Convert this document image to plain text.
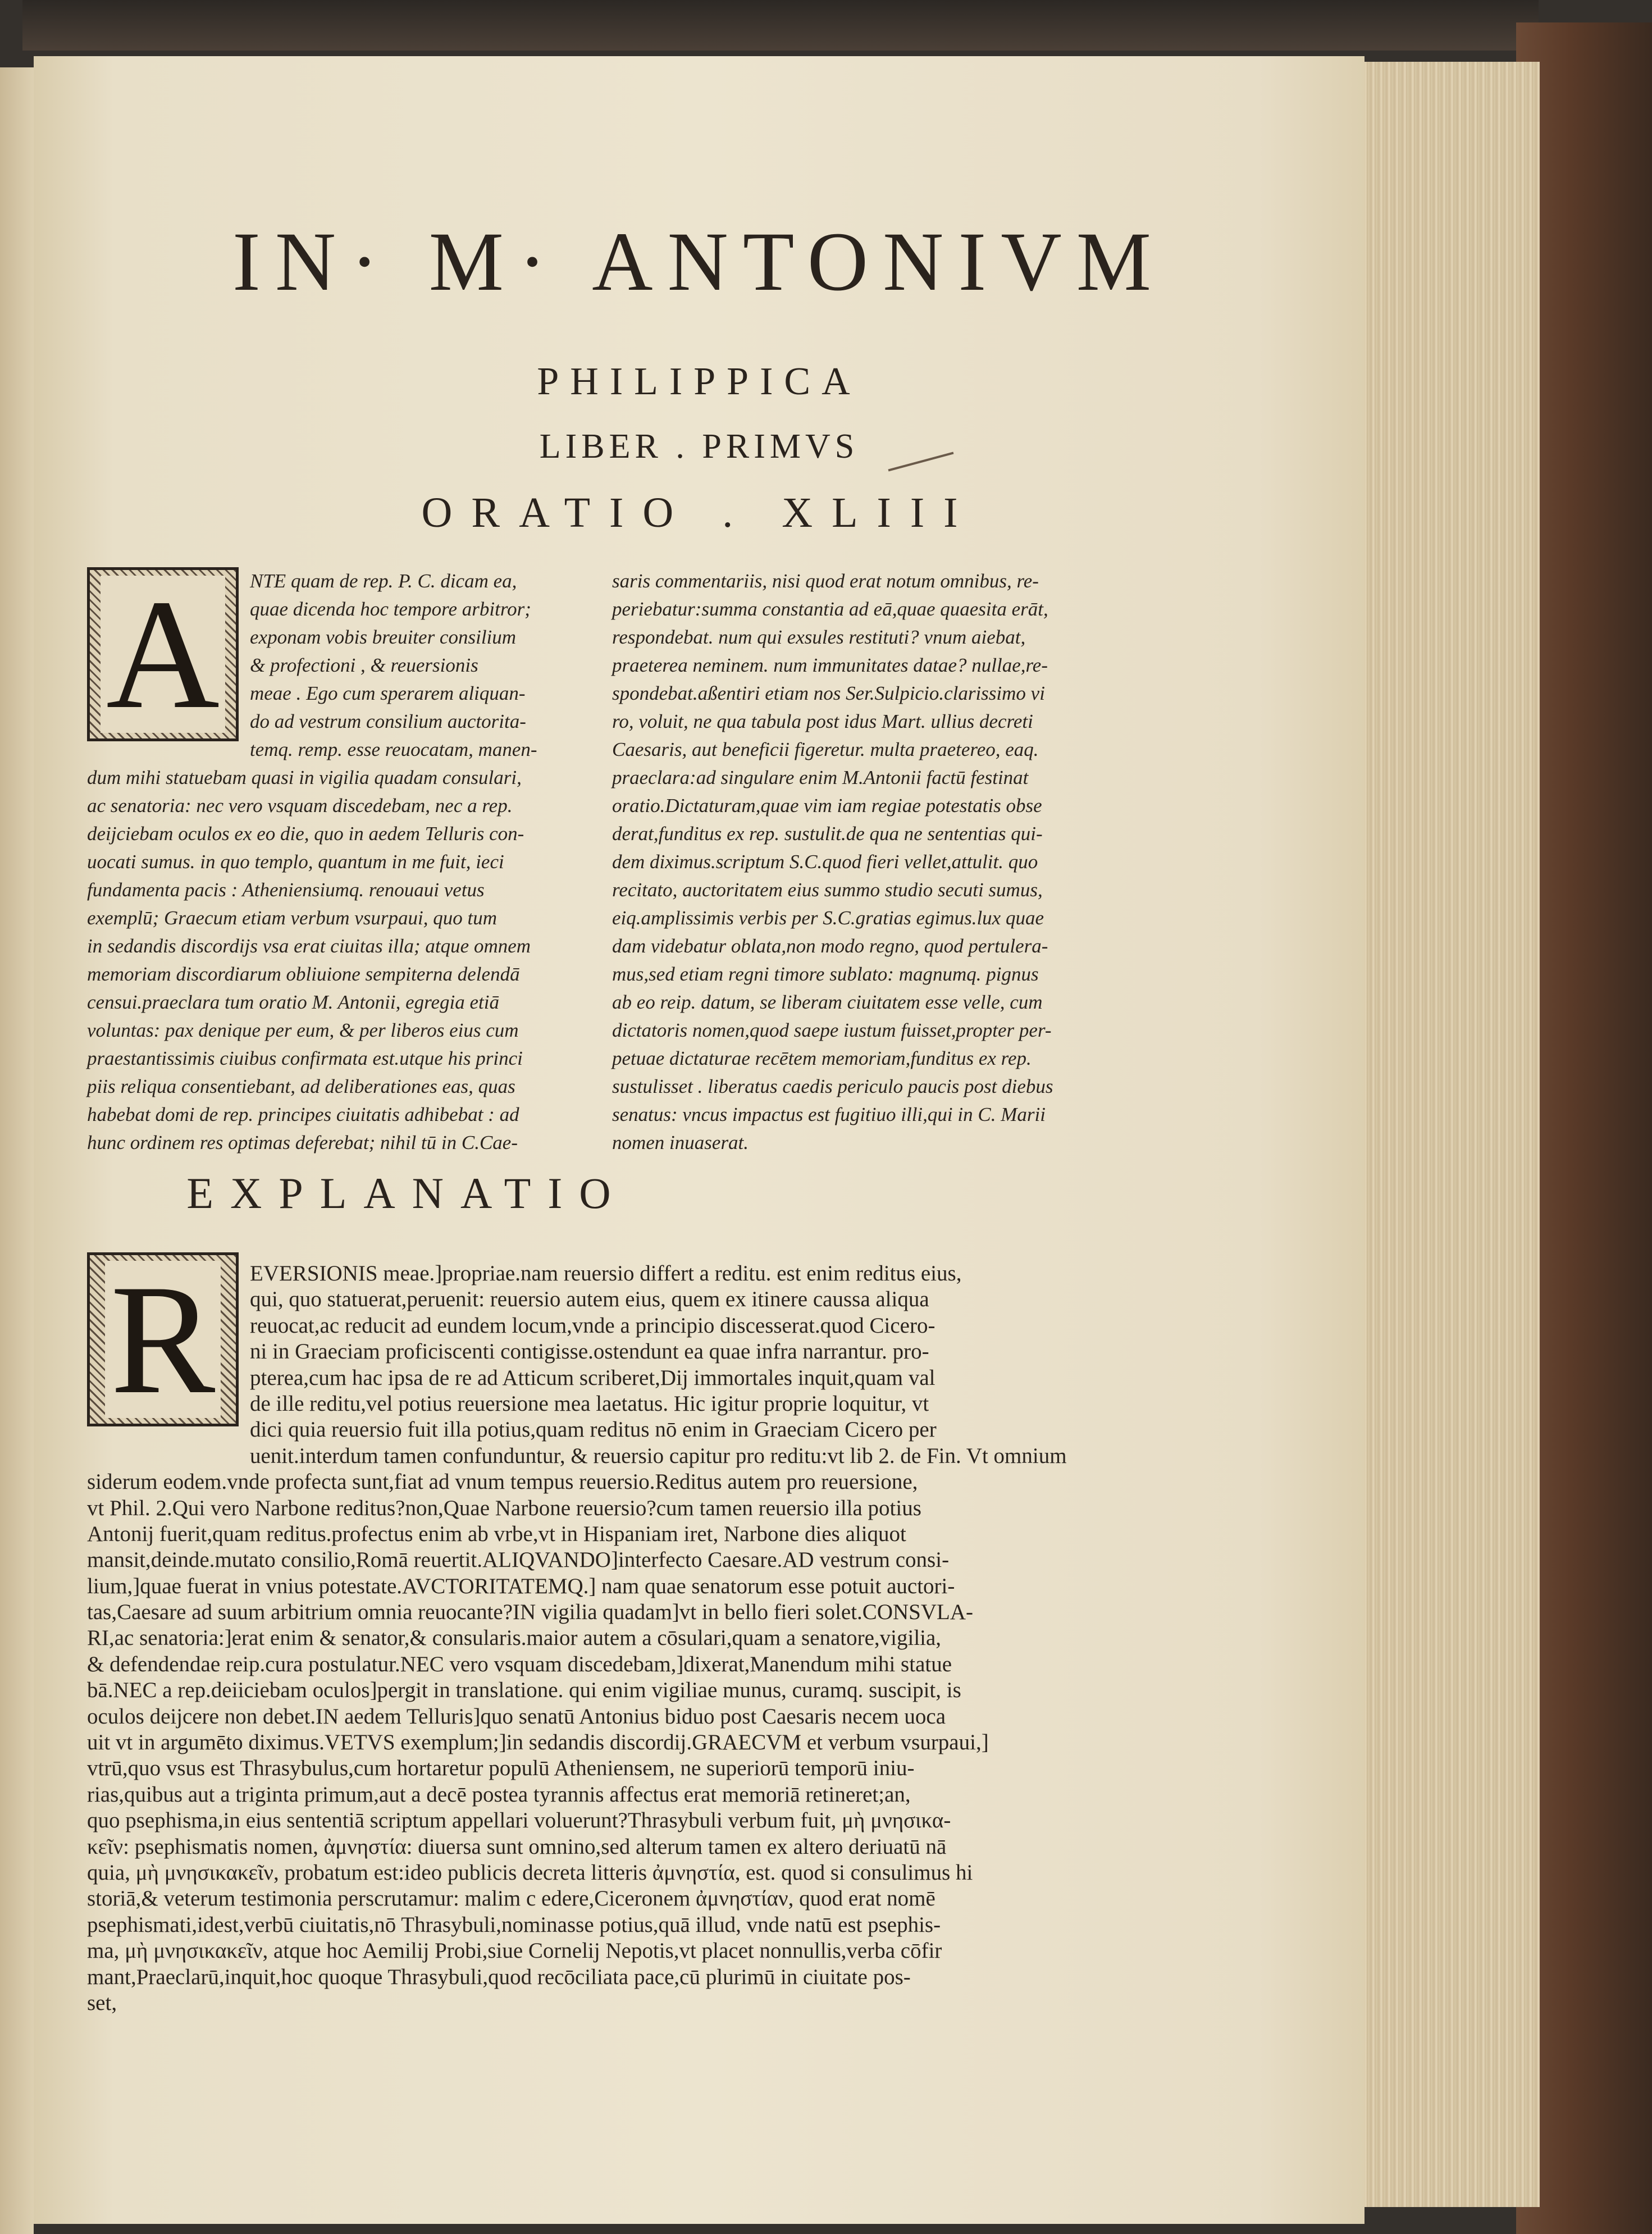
IN· M· ANTONIVM
PHILIPPICA
LIBER . PRIMVS
ORATIO . XLIII
NTE quam de rep. P. C. dicam ea,
quae dicenda hoc tempore arbitror;
exponam vobis breuiter consilium
& profectioni , & reuersionis
meae . Ego cum sperarem aliquan-
do ad vestrum consilium auctorita-
temq. remp. esse reuocatam, manen-
dum mihi statuebam quasi in vigilia quadam consulari,
ac senatoria: nec vero vsquam discedebam, nec a rep.
deijciebam oculos ex eo die, quo in aedem Telluris con-
uocati sumus. in quo templo, quantum in me fuit, ieci
fundamenta pacis : Atheniensiumq. renouaui vetus
exemplū; Graecum etiam verbum vsurpaui, quo tum
in sedandis discordijs vsa erat ciuitas illa; atque omnem
memoriam discordiarum obliuione sempiterna delendā
censui.praeclara tum oratio M. Antonii, egregia etiā
voluntas: pax denique per eum, & per liberos eius cum
praestantissimis ciuibus confirmata est.utque his princi
piis reliqua consentiebant, ad deliberationes eas, quas
habebat domi de rep. principes ciuitatis adhibebat : ad
hunc ordinem res optimas deferebat; nihil tū in C.Cae-
saris commentariis, nisi quod erat notum omnibus, re-
periebatur:summa constantia ad eā,quae quaesita erāt,
respondebat. num qui exsules restituti? vnum aiebat,
praeterea neminem. num immunitates datae? nullae,re-
spondebat.aßentiri etiam nos Ser.Sulpicio.clarissimo vi
ro, voluit, ne qua tabula post idus Mart. ullius decreti
Caesaris, aut beneficii figeretur. multa praetereo, eaq.
praeclara:ad singulare enim M.Antonii factū festinat
oratio.Dictaturam,quae vim iam regiae potestatis obse
derat,funditus ex rep. sustulit.de qua ne sententias qui-
dem diximus.scriptum S.C.quod fieri vellet,attulit. quo
recitato, auctoritatem eius summo studio secuti sumus,
eiq.amplissimis verbis per S.C.gratias egimus.lux quae
dam videbatur oblata,non modo regno, quod pertulera-
mus,sed etiam regni timore sublato: magnumq. pignus
ab eo reip. datum, se liberam ciuitatem esse velle, cum
dictatoris nomen,quod saepe iustum fuisset,propter per-
petuae dictaturae recētem memoriam,funditus ex rep.
sustulisset . liberatus caedis periculo paucis post diebus
senatus: vncus impactus est fugitiuo illi,qui in C. Marii
nomen inuaserat.
A
EXPLANATIO
EVERSIONIS meae.]propriae.nam reuersio differt a reditu. est enim reditus eius,
qui, quo statuerat,peruenit: reuersio autem eius, quem ex itinere caussa aliqua
reuocat,ac reducit ad eundem locum,vnde a principio discesserat.quod Cicero-
ni in Graeciam proficiscenti contigisse.ostendunt ea quae infra narrantur. pro-
pterea,cum hac ipsa de re ad Atticum scriberet,Dij immortales inquit,quam val
de ille reditu,vel potius reuersione mea laetatus. Hic igitur proprie loquitur, vt
dici quia reuersio fuit illa potius,quam reditus nō enim in Graeciam Cicero per
uenit.interdum tamen confunduntur, & reuersio capitur pro reditu:vt lib 2. de Fin. Vt omnium
siderum eodem.vnde profecta sunt,fiat ad vnum tempus reuersio.Reditus autem pro reuersione,
vt Phil. 2.Qui vero Narbone reditus?non,Quae Narbone reuersio?cum tamen reuersio illa potius
Antonij fuerit,quam reditus.profectus enim ab vrbe,vt in Hispaniam iret, Narbone dies aliquot
mansit,deinde.mutato consilio,Romā reuertit.ALIQVANDO]interfecto Caesare.AD vestrum consi-
lium,]quae fuerat in vnius potestate.AVCTORITATEMQ.] nam quae senatorum esse potuit auctori-
tas,Caesare ad suum arbitrium omnia reuocante?IN vigilia quadam]vt in bello fieri solet.CONSVLA-
RI,ac senatoria:]erat enim & senator,& consularis.maior autem a cōsulari,quam a senatore,vigilia,
& defendendae reip.cura postulatur.NEC vero vsquam discedebam,]dixerat,Manendum mihi statue
bā.NEC a rep.deiiciebam oculos]pergit in translatione. qui enim vigiliae munus, curamq. suscipit, is
oculos deijcere non debet.IN aedem Telluris]quo senatū Antonius biduo post Caesaris necem uoca
uit vt in argumēto diximus.VETVS exemplum;]in sedandis discordij.GRAECVM et verbum vsurpaui,]
vtrū,quo vsus est Thrasybulus,cum hortaretur populū Atheniensem, ne superiorū temporū iniu-
rias,quibus aut a triginta primum,aut a decē postea tyrannis affectus erat memoriā retineret;an,
quo psephisma,in eius sententiā scriptum appellari voluerunt?Thrasybuli verbum fuit, μὴ μνησικα-
κεῖν: psephismatis nomen, ἀμνηστία: diuersa sunt omnino,sed alterum tamen ex altero deriuatū nā
quia, μὴ μνησικακεῖν, probatum est:ideo publicis decreta litteris ἀμνηστία, est. quod si consulimus hi
storiā,& veterum testimonia perscrutamur: malim c edere,Ciceronem ἀμνηστίαν, quod erat nomē
psephismati,idest,verbū ciuitatis,nō Thrasybuli,nominasse potius,quā illud, vnde natū est psephis-
ma, μὴ μνησικακεῖν, atque hoc Aemilij Probi,siue Cornelij Nepotis,vt placet nonnullis,verba cōfir
mant,Praeclarū,inquit,hoc quoque Thrasybuli,quod recōciliata pace,cū plurimū in ciuitate pos-
set,
R
